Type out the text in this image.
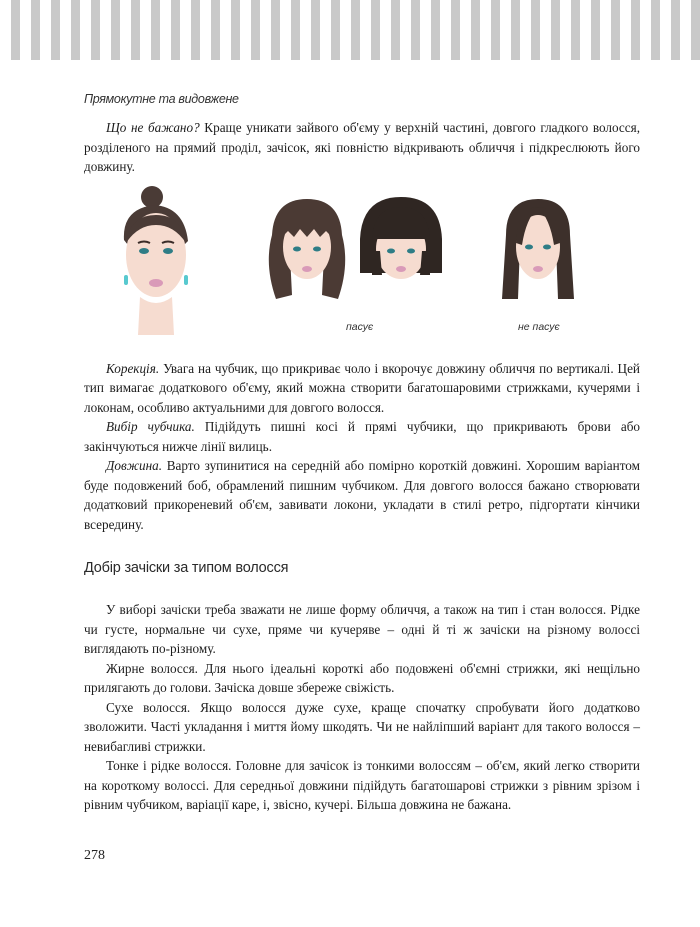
Прямокутне та видовжене

Що не бажано? Краще уникати зайвого об'єму у верхній частині, довгого гладкого волосся, розділеного на прямий проділ, зачісок, які повністю відкривають обличчя і підкреслюють його довжину.

пасує	не пасує

Корекція. Увага на чубчик, що прикриває чоло і вкорочує довжину обличчя по вертикалі. Цей тип вимагає додаткового об'єму, який можна створити багатошаровими стрижками, кучерями і локонам, особливо актуальними для довгого волосся.

Вибір чубчика. Підійдуть пишні косі й прямі чубчики, що прикривають брови або закінчуються нижче лінії вилиць.

Довжина. Варто зупинитися на середній або помірно короткій довжині. Хорошим варіантом буде подовжений боб, обрамлений пишним чубчиком. Для довгого волосся бажано створювати додатковий прикореневий об'єм, завивати локони, укладати в стилі ретро, підгортати кінчики всередину.

Добір зачіски за типом волосся

У виборі зачіски треба зважати не лише форму обличчя, а також на тип і стан волосся. Рідке чи густе, нормальне чи сухе, пряме чи кучеряве – одні й ті ж зачіски на різному волоссі виглядають по-різному.

Жирне волосся. Для нього ідеальні короткі або подовжені об'ємні стрижки, які нещільно прилягають до голови. Зачіска довше збереже свіжість.

Сухе волосся. Якщо волосся дуже сухе, краще спочатку спробувати його додатково зволожити. Часті укладання і миття йому шкодять. Чи не найліпший варіант для такого волосся – невибагливі стрижки.

Тонке і рідке волосся. Головне для зачісок із тонкими волоссям – об'єм, який легко створити на короткому волоссі. Для середньої довжини підійдуть багатошарові стрижки з рівним зрізом і рівним чубчиком, варіації каре, і, звісно, кучері. Більша довжина не бажана.

278
